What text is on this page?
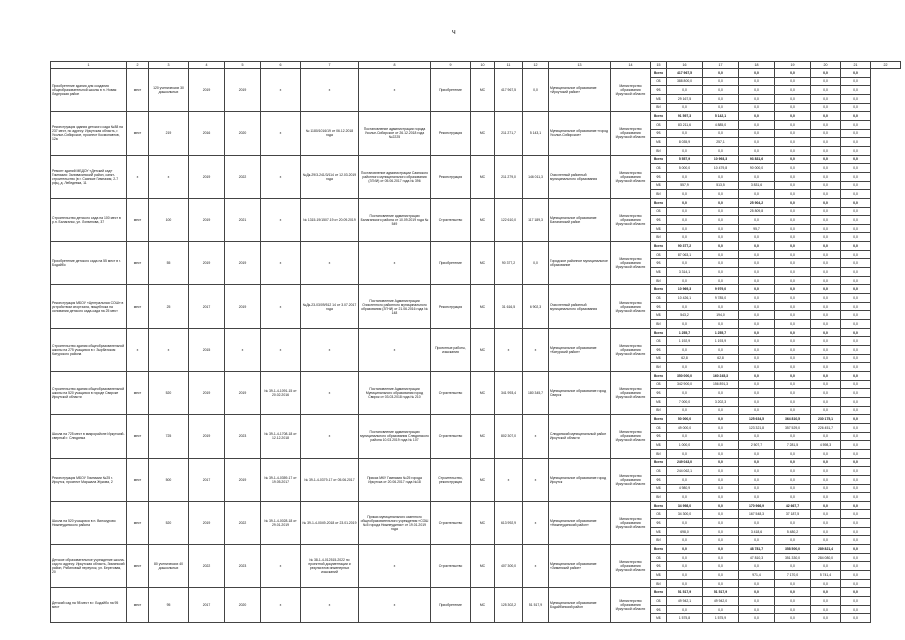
ч
1	2	3	4	5	6	7	8	9	10	11	12	13	14	15	16	17	18	19	20	21	22
Приобретение здания для создания общеобразовательной школы в п. Новая Лидерская район	мест	120 ученических 30 дошкольных	2019	2019	х	х	х	Приобретение	МС	417 967,5	0,0	Муниципальное образование «Иркутский район»	Министерство образования Иркутской области	Всего	417 967,5	0,0	0,0	0,0	0,0	0,0	
														ОБ	388 800,0	0,0	0,0	0,0	0,0	0,0	
														ФБ	0,0	0,0	0,0	0,0	0,0	0,0	
														МБ	29 167,5	0,0	0,0	0,0	0,0	0,0	
														ВИ	0,0	0,0	0,0	0,0	0,0	0,0	
Реконструкция здания детского сада №88 на 237 мест, по адресу: Иркутская область, г. Усолье-Сибирское, проспект Космонавтов, 12а	мест	219	2016	2020	х	№ 1180/1016/19 от 06.12.2018 года	Постановление администрации города Усолье-Сибирское от 26.12.2018 года №2225	Реконструкция	МС	211 271,7	5 143,1	Муниципальное образование «город Усолье-Сибирское»	Министерство образования Иркутской области	Всего	91 597,3	5 142,1	0,0	0,0	0,0	0,0	
														ОБ	83 211,6	4 885,0	0,0	0,0	0,0	0,0	
														ФБ	0,0	0,0	0,0	0,0	0,0	0,0	
														МБ	8 035,9	257,1	0,0	0,0	0,0	0,0	
														ВИ	0,0	0,0	0,0	0,0	0,0	0,0	
Ремонт зданий МБДОУ «Детский сад» Гимназия: ЗаливахинскиЙ район, санкт-строительство (в г. Саянске Гимназия, 2-7 рфц, д. Лебедевка, 11	х	х	2019	2022	х	№Дк-29/3-241/3/114 от 12.03.2019 года	Постановление администрации Саянского районного муниципального образования (ЗГИИ) от 05.06.2017 года № 396	Реконструкция	МС	211 279,0	146 011,3	Очисленный районный муниципального образования	Министерство образования Иркутской области	Всего	5 557,9	10 993,3	93 831,6	0,0	0,0	0,0	
														ОБ	5 000,0	10 479,8	90 000,0	0,0	0,0	0,0	
														ФБ	0,0	0,0	0,0	0,0	0,0	0,0	
														МБ	557,9	513,5	3 831,6	0,0	0,0	0,0	
														ВИ	0,0	0,0	0,0	0,0	0,0	0,0	
Строительство детского сада на 100 мест в р.п. Балаганск, ул. Логвинова, 37	мест	100	2019	2021	х	№ 1315-19/1507.19 от 20.09.2019	Постановление администрации Балаганского района от 10.09.2019 года № 549	Строительство	МС	122 610,0	117 189,3	Муниципальное образование Балаганский район	Министерство образования Иркутской области	Всего	0,0	0,0	25 904,2	0,0	0,0	0,0	
														ОБ	0,0	0,0	25 809,8	0,0	0,0	0,0	
														ФБ	0,0	0,0	0,0	0,0	0,0	0,0	
														МБ	0,0	0,0	95,7	0,0	0,0	0,0	
														ВИ	0,0	0,0	0,0	0,0	0,0	0,0	
Приобретение детского сада на 55 мест в г. Бодайбо	мест	55	2019	2019	х	х	х	Приобретение	МС	90 377,2	0,0	Городское районное муниципальное образование	Министерство образования Иркутской области	Всего	90 377,2	0,0	0,0	0,0	0,0	0,0	
														ОБ	87 063,1	0,0	0,0	0,0	0,0	0,0	
														ФБ	0,0	0,0	0,0	0,0	0,0	0,0	
														МБ	3 314,1	0,0	0,0	0,0	0,0	0,0	
														ВИ	0,0	0,0	0,0	0,0	0,0	0,0	
Реконструкция МБОУ «Центральная СОШ» в устройством спортзала, пищеблока на основании детского сада-сада на 25 мест	мест	25	2017	2019	х	№Дк-23-03/09/512 14 от 3.07.2017 года	Постановление Администрации Очисленного районного муниципального образования (ЗГНИ) от 21.06.2016 года № 148	Реконструкция	МС	31 616,5	6 902,3	Очисленный районный муниципального образования	Министерство образования Иркутской области	Всего	10 969,3	9 979,0	0,0	0,0	0,0	0,0	
														ОБ	10 426,1	9 785,0	0,0	0,0	0,0	0,0	
														ФБ	0,0	0,0	0,0	0,0	0,0	0,0	
														МБ	543,2	194,0	0,0	0,0	0,0	0,0	
														ВИ	0,0	0,0	0,0	0,0	0,0	0,0	
Строительство здания общеобразовательной школы на 275 учащихся в г. Зырбатском Катурского района	х	х	2015	х	х	х	х	Проектные работы, изыскания	МС	х	х	Муниципальное образование «Катурский район»	Министерство образования Иркутской области	Всего	1 255,7	1 255,7	0,0	0,0	0,0	0,0	
														ОБ	1 192,9	1 193,9	0,0	0,0	0,0	0,0	
														ФБ	0,0	0,0	0,0	0,0	0,0	0,0	
														МБ	62,8	62,8	0,0	0,0	0,0	0,0	
														ВИ	0,0	0,0	0,0	0,0	0,0	0,0	
Строительство здания общеобразовательной школы на 520 учащихся в городе Свирске Иркутской области	мест	520	2019	2019	№ 39-1-4-1091-15 от 20.02.2016	х	Постановление Администрации Муниципального образования город Свирск от 03.03.2018 года № 210	Строительство	МС	341 993,4	180 345,7	Муниципальное образование город Свирск	Министерство образования Иркутской области	Всего	350 000,0	160 245,3	0,0	0,0	0,0	0,0	
														ОБ	342 900,0	156 891,3	0,0	0,0	0,0	0,0	
														ФБ	0,0	0,0	0,0	0,0	0,0	0,0	
														МБ	7 000,0	3 202,3	0,0	0,0	0,0	0,0	
														ВИ	0,0	0,0	0,0	0,0	0,0	0,0	
Школа на 725 мест в микрорайоне Иркутский-сверный г. Слюдянка	мест	725	2019	2023	№ 39-1-4-1708-18 от 12.12.2018	х	Постановление администрации муниципального образования Слюдянского района 10.03.2019 года № 107	Строительство	МС	802 307,0	х	Слюдянский муниципальный район Иркутской области	Министерство образования Иркутской области	Всего	50 000,0	0,0	125 634,5	364 810,5	230 175,1	0,0	
														ОБ	49 000,0	0,0	123 321,8	357 529,0	226 451,7	0,0	
														ФБ	0,0	0,0	0,0	0,0	0,0	0,0	
														МБ	1 000,0	0,0	2 507,7	7 281,5	4 598,3	0,0	
														ВИ	0,0	0,0	0,0	0,0	0,0	0,0	
Реконструкция МБОУ Гимназии №25 г. Иркутск, проспект Маршала Жукова, 2	мест	500	2017	2019	№ 39-1-4-0359-17 от 19.05.2017	№ 39-1-4-0379-17 от 05.06.2017	Приказ МКУ Гимназия №25 города Иркутска от 20.06.2017 года №18	Строительство, реконструкция	МС	х	х	Муниципальное образование город Иркутск	Министерство образования Иркутской области	Всего	249 043,0	0,0	0,0	0,0	0,0	0,0	
														ОБ	244 062,1	0,0	0,0	0,0	0,0	0,0	
														ФБ	0,0	0,0	0,0	0,0	0,0	0,0	
														МБ	4 980,9	0,0	0,0	0,0	0,0	0,0	
														ВИ	0,0	0,0	0,0	0,0	0,0	0,0	
Школа на 520 учащихся в п. Винокурово Нижнеудинского района	мест	520	2019	2022	№ 39-1-4-0028-18 от 29.01.2019	№ 39-1-4-0049-2018 от 23.01.2019	Приказ муниципального казенного общеобразовательного учреждения «СОШ №5 города Нижнеудинск» от 19.01.2019 года	Строительство	МС	613 992,9	х	Муниципальное образование «Нижнеудинский район»	Министерство образования Иркутской области	Всего	34 998,0	0,0	170 966,9	42 667,7	0,0	0,0	
														ОБ	34 300,0	0,0	167 548,3	37 187,5	0,0	0,0	
														ФБ	0,0	0,0	0,0	0,0	0,0	0,0	
														МБ	698,0	0,0	3 418,6	5 480,2	0,0	0,0	
														ВИ	0,0	0,0	0,0	0,0	0,0	0,0	
Детское образовательное учреждение школа-сад по адресу: Иркутская область, Зиминский район, Рябиновый переулок, ул. Береговая, 20	мест	80 ученических 40 дошкольных	2022	2023	х	№ 38-1-4-012515-2022 по проектной документации и результатов инженерных изысканий	х	Строительство	МС	407 300,0	х	Муниципальное образование «Зиминский район»	Министерство образования Иркутской области	Всего	0,0	0,0	48 781,7	358 500,0	289 821,4	0,0	
														ОБ	0,0	0,0	47 810,3	351 330,0	284 080,0	0,0	
														ФБ	0,0	0,0	0,0	0,0	0,0	0,0	
														МБ	0,0	0,0	971,4	7 170,0	5 741,4	0,0	
														ВИ	0,0	0,0	0,0	0,0	0,0	0,0	
Детский сад на 98 мест в г. Бодайбо на 95 мест	мест	95	2017	2020	х	х	х	Приобретение	МС	125 302,2	51 517,9	Муниципальное образование Бодайбинский район	Министерство образования Иркутской области	Всего	51 517,9	51 517,9	0,0	0,0	0,0	0,0	
														ОБ	49 942,1	49 942,0	0,0	0,0	0,0	0,0	
														ФБ	0,0	0,0	0,0	0,0	0,0	0,0	
														МБ	1 575,8	1 575,9	0,0	0,0	0,0	0,0	
